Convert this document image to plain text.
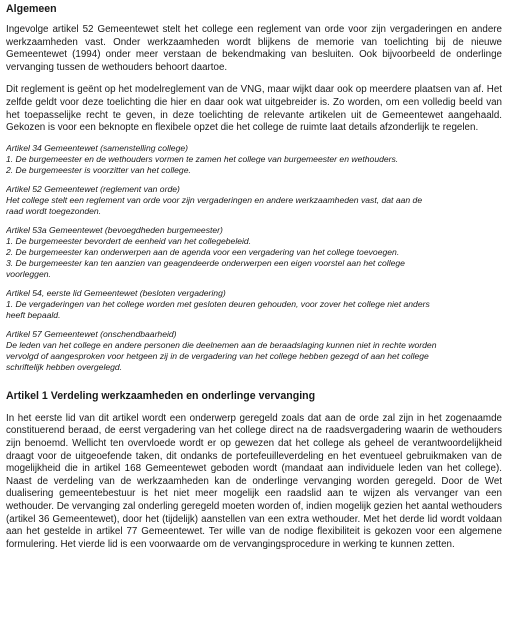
Algemeen

Ingevolge artikel 52 Gemeentewet stelt het college een reglement van orde voor zijn vergaderingen en andere werkzaamheden vast. Onder werkzaamheden wordt blijkens de memorie van toelichting bij de nieuwe Gemeentewet (1994) onder meer verstaan de bekendmaking van besluiten. Ook bijvoorbeeld de onderlinge vervanging tussen de wethouders behoort daartoe.

Dit reglement is geënt op het modelreglement van de VNG, maar wijkt daar ook op meerdere plaatsen van af. Het zelfde geldt voor deze toelichting die hier en daar ook wat uitgebreider is. Zo worden, om een volledig beeld van het toepasselijke recht te geven, in deze toelichting de relevante artikelen uit de Gemeentewet aangehaald. Gekozen is voor een beknopte en flexibele opzet die het college de ruimte laat details afzonderlijk te regelen.

Artikel 34 Gemeentewet (samenstelling college)
1. De burgemeester en de wethouders vormen te zamen het college van burgemeester en wethouders.
2. De burgemeester is voorzitter van het college.
Artikel 52 Gemeentewet (reglement van orde)
Het college stelt een reglement van orde voor zijn vergaderingen en andere werkzaamheden vast, dat aan de
raad wordt toegezonden.
Artikel 53a Gemeentewet (bevoegdheden burgemeester)
1. De burgemeester bevordert de eenheid van het collegebeleid.
2. De burgemeester kan onderwerpen aan de agenda voor een vergadering van het college toevoegen.
3. De burgemeester kan ten aanzien van geagendeerde onderwerpen een eigen voorstel aan het college
voorleggen.
Artikel 54, eerste lid Gemeentewet (besloten vergadering)
1. De vergaderingen van het college worden met gesloten deuren gehouden, voor zover het college niet anders
heeft bepaald.
Artikel 57 Gemeentewet (onschendbaarheid)
De leden van het college en andere personen die deelnemen aan de beraadslaging kunnen niet in rechte worden
vervolgd of aangesproken voor hetgeen zij in de vergadering van het college hebben gezegd of aan het college
schriftelijk hebben overgelegd.
Artikel 1 Verdeling werkzaamheden en onderlinge vervanging

In het eerste lid van dit artikel wordt een onderwerp geregeld zoals dat aan de orde zal zijn in het zogenaamde constituerend beraad, de eerst vergadering van het college direct na de raadsvergadering waarin de wethouders zijn benoemd. Wellicht ten overvloede wordt er op gewezen dat het college als geheel de verantwoordelijkheid draagt voor de uitgeoefende taken, dit ondanks de portefeuilleverdeling en het eventueel gebruikmaken van de mogelijkheid die in artikel 168 Gemeentewet geboden wordt (mandaat aan individuele leden van het college). Naast de verdeling van de werkzaamheden kan de onderlinge vervanging worden geregeld. Door de Wet dualisering gemeentebestuur is het niet meer mogelijk een raadslid aan te wijzen als vervanger van een wethouder. De vervanging zal onderling geregeld moeten worden of, indien mogelijk gezien het aantal wethouders (artikel 36 Gemeentewet), door het (tijdelijk) aanstellen van een extra wethouder. Met het derde lid wordt voldaan aan het gestelde in artikel 77 Gemeentewet. Ter wille van de nodige flexibiliteit is gekozen voor een algemene formulering. Het vierde lid is een voorwaarde om de vervangingsprocedure in werking te kunnen zetten.
